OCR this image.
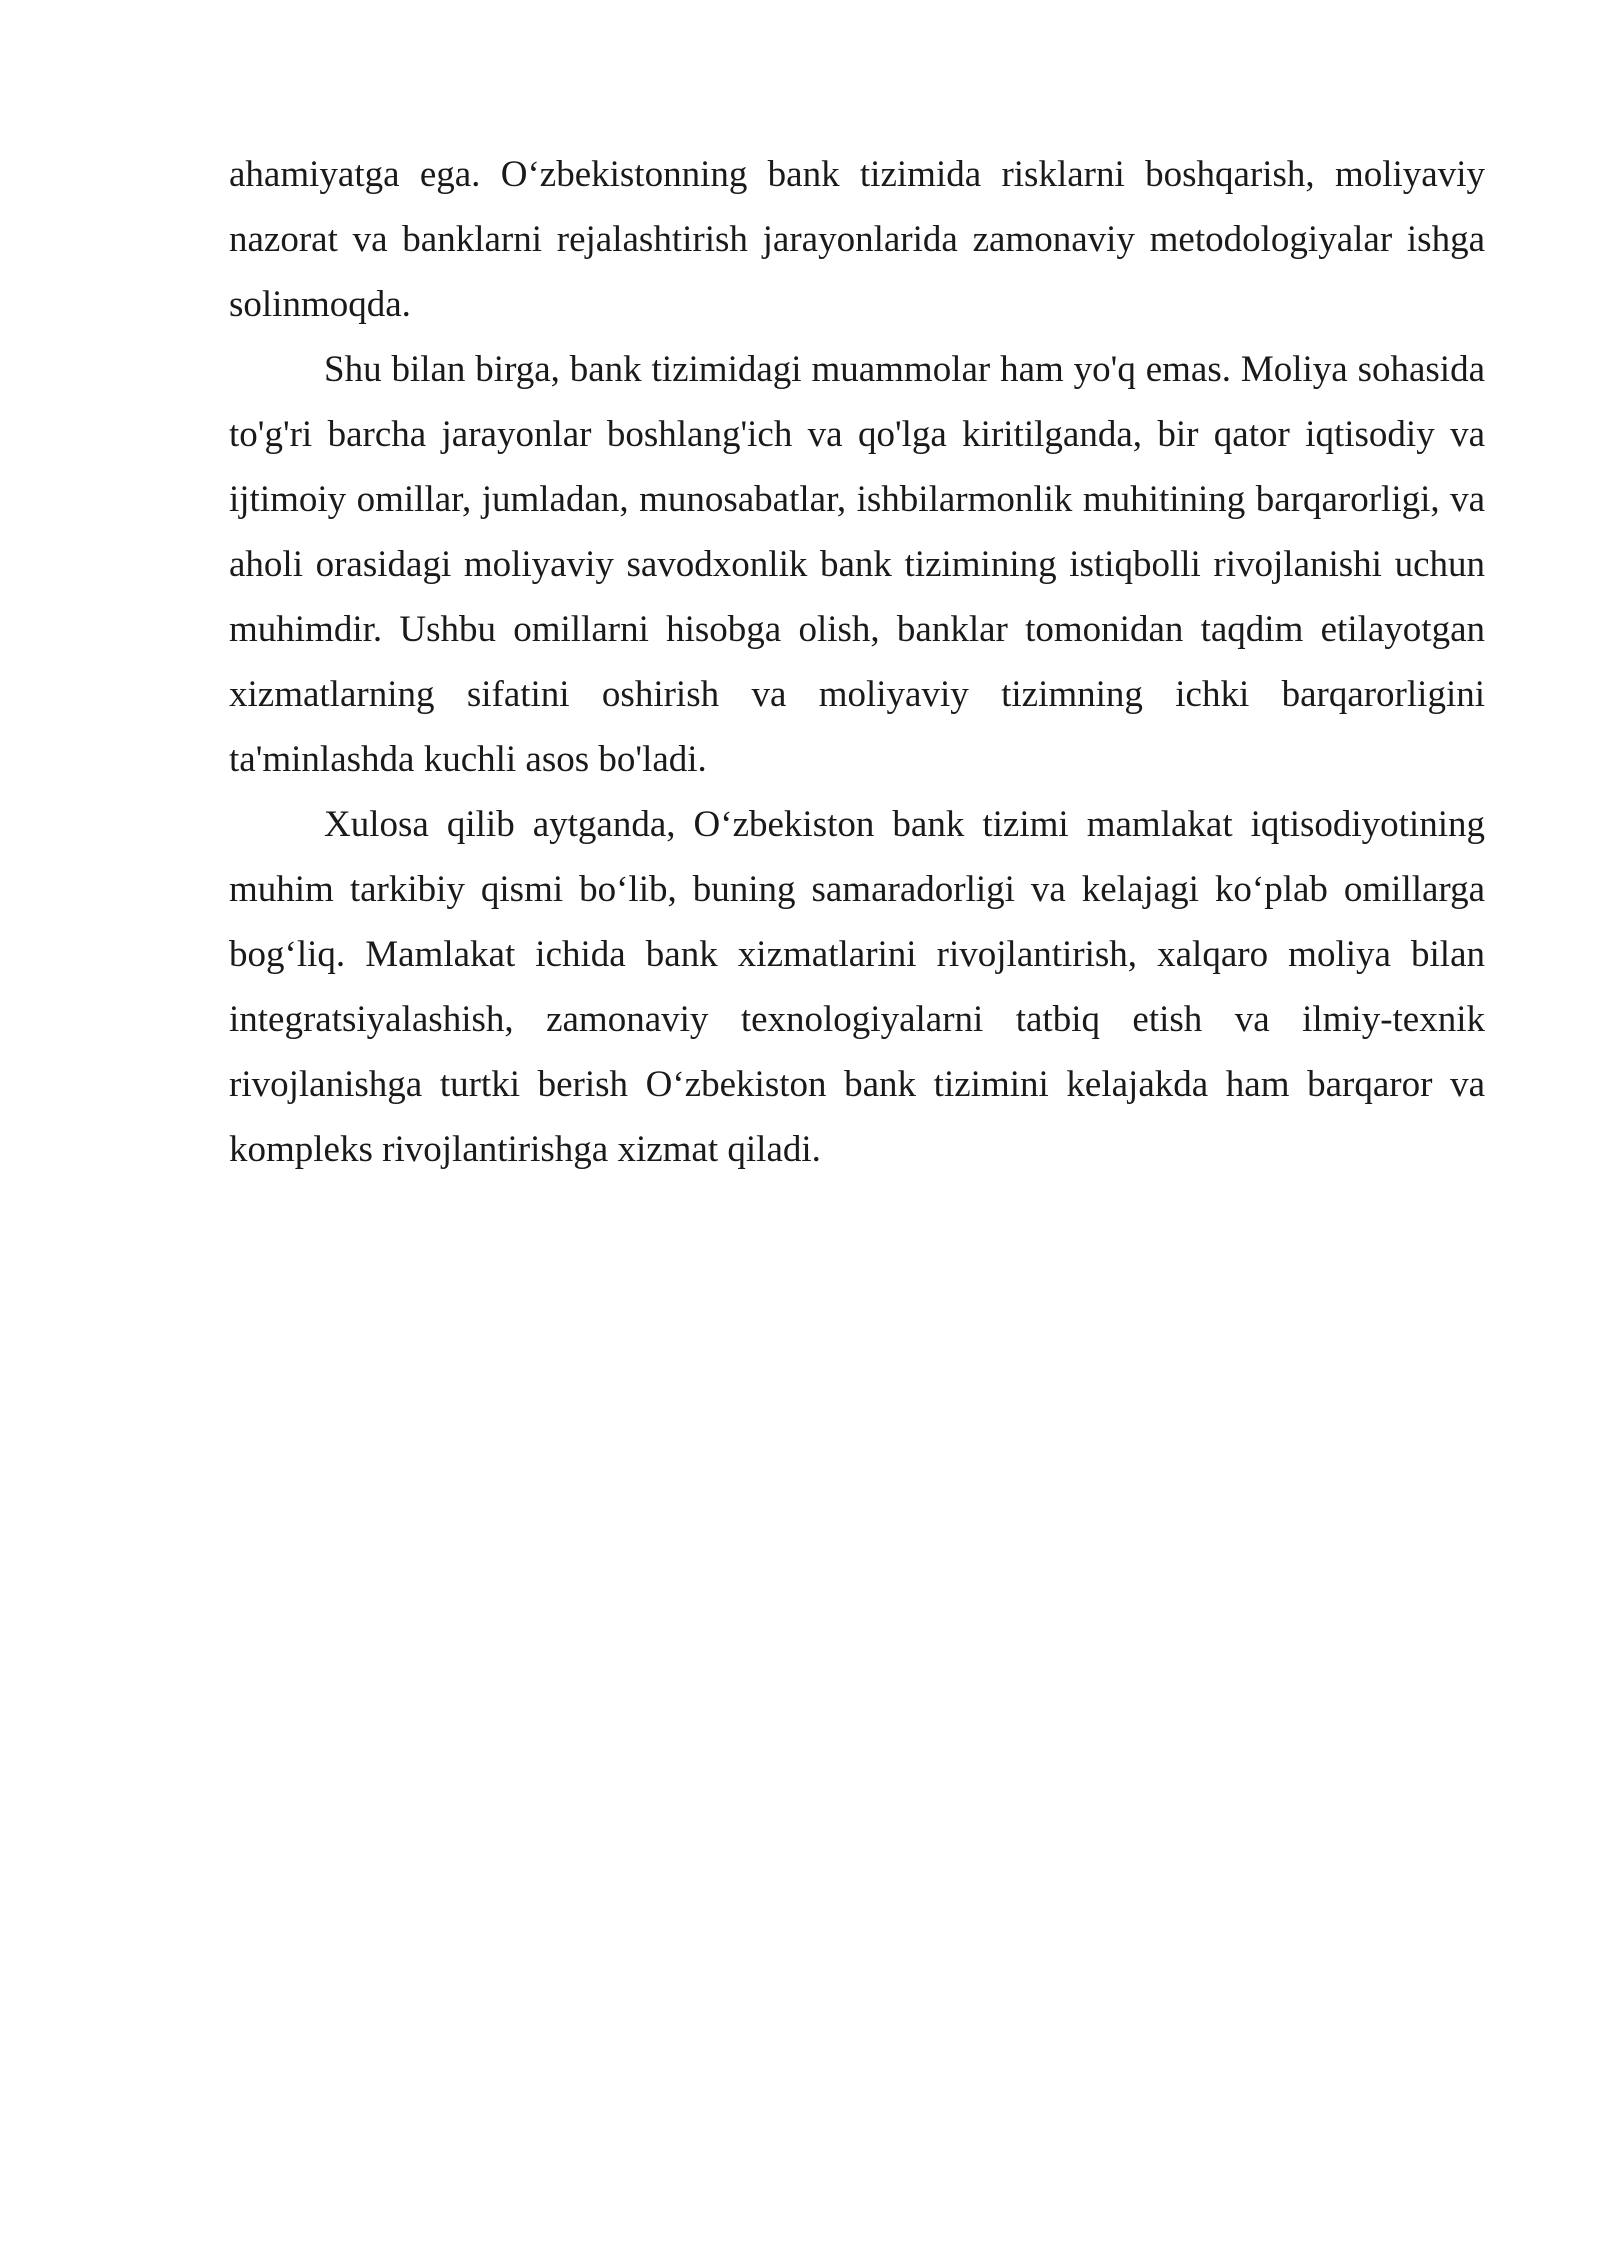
ahamiyatga ega. O‘zbekistonning bank tizimida risklarni boshqarish, moliyaviy nazorat va banklarni rejalashtirish jarayonlarida zamonaviy metodologiyalar ishga solinmoqda.

Shu bilan birga, bank tizimidagi muammolar ham yo'q emas. Moliya sohasida to'g'ri barcha jarayonlar boshlang'ich va qo'lga kiritilganda, bir qator iqtisodiy va ijtimoiy omillar, jumladan, munosabatlar, ishbilarmonlik muhitining barqarorligi, va aholi orasidagi moliyaviy savodxonlik bank tizimining istiqbolli rivojlanishi uchun muhimdir. Ushbu omillarni hisobga olish, banklar tomonidan taqdim etilayotgan xizmatlarning sifatini oshirish va moliyaviy tizimning ichki barqarorligini ta'minlashda kuchli asos bo'ladi.

Xulosa qilib aytganda, O‘zbekiston bank tizimi mamlakat iqtisodiyotining muhim tarkibiy qismi bo‘lib, buning samaradorligi va kelajagi ko‘plab omillarga bog‘liq. Mamlakat ichida bank xizmatlarini rivojlantirish, xalqaro moliya bilan integratsiyalashish, zamonaviy texnologiyalarni tatbiq etish va ilmiy-texnik rivojlanishga turtki berish O‘zbekiston bank tizimini kelajakda ham barqaror va kompleks rivojlantirishga xizmat qiladi.
